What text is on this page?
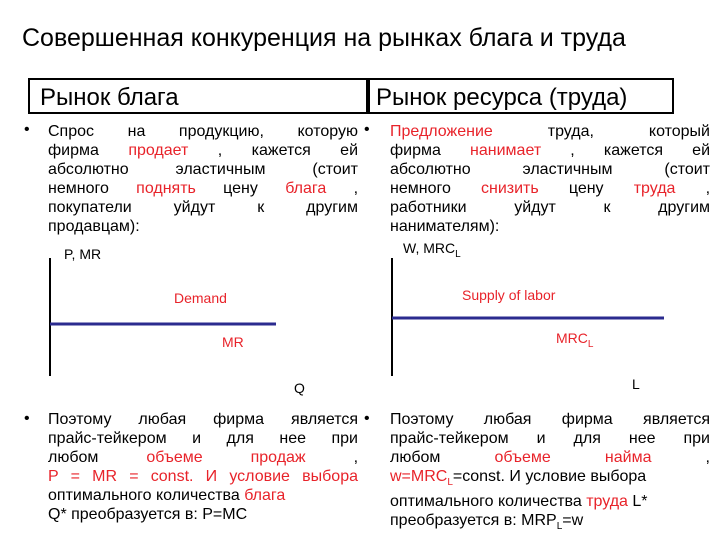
Совершенная конкуренция на рынках блага и труда
Рынок блага	Рынок ресурса (труда)
• Спрос на продукцию, которую
фирма продает , кажется ей
абсолютно эластичным (стоит
немного поднять цену блага ,
покупатели уйдут к другим
продавцам):
• Предложение труда, который
фирма нанимает , кажется ей
абсолютно эластичным (стоит
немного снизить цену труда ,
работники уйдут к другим
нанимателям):
P, MR
Demand
MR
Q
W, $MRC_L$
Supply of labor
$MRC_L$
L
• Поэтому любая фирма является
прайс-тейкером и для нее при
любом объеме продаж ,
P = MR = const. И условие выбора
оптимального количества блага
Q* преобразуется в: P=MC
• Поэтому любая фирма является
прайс-тейкером и для нее при
любом объеме найма ,
$w=MRC_L=const$. И условие выбора
оптимального количества труда L*
преобразуется в: $MRP_L=w$
